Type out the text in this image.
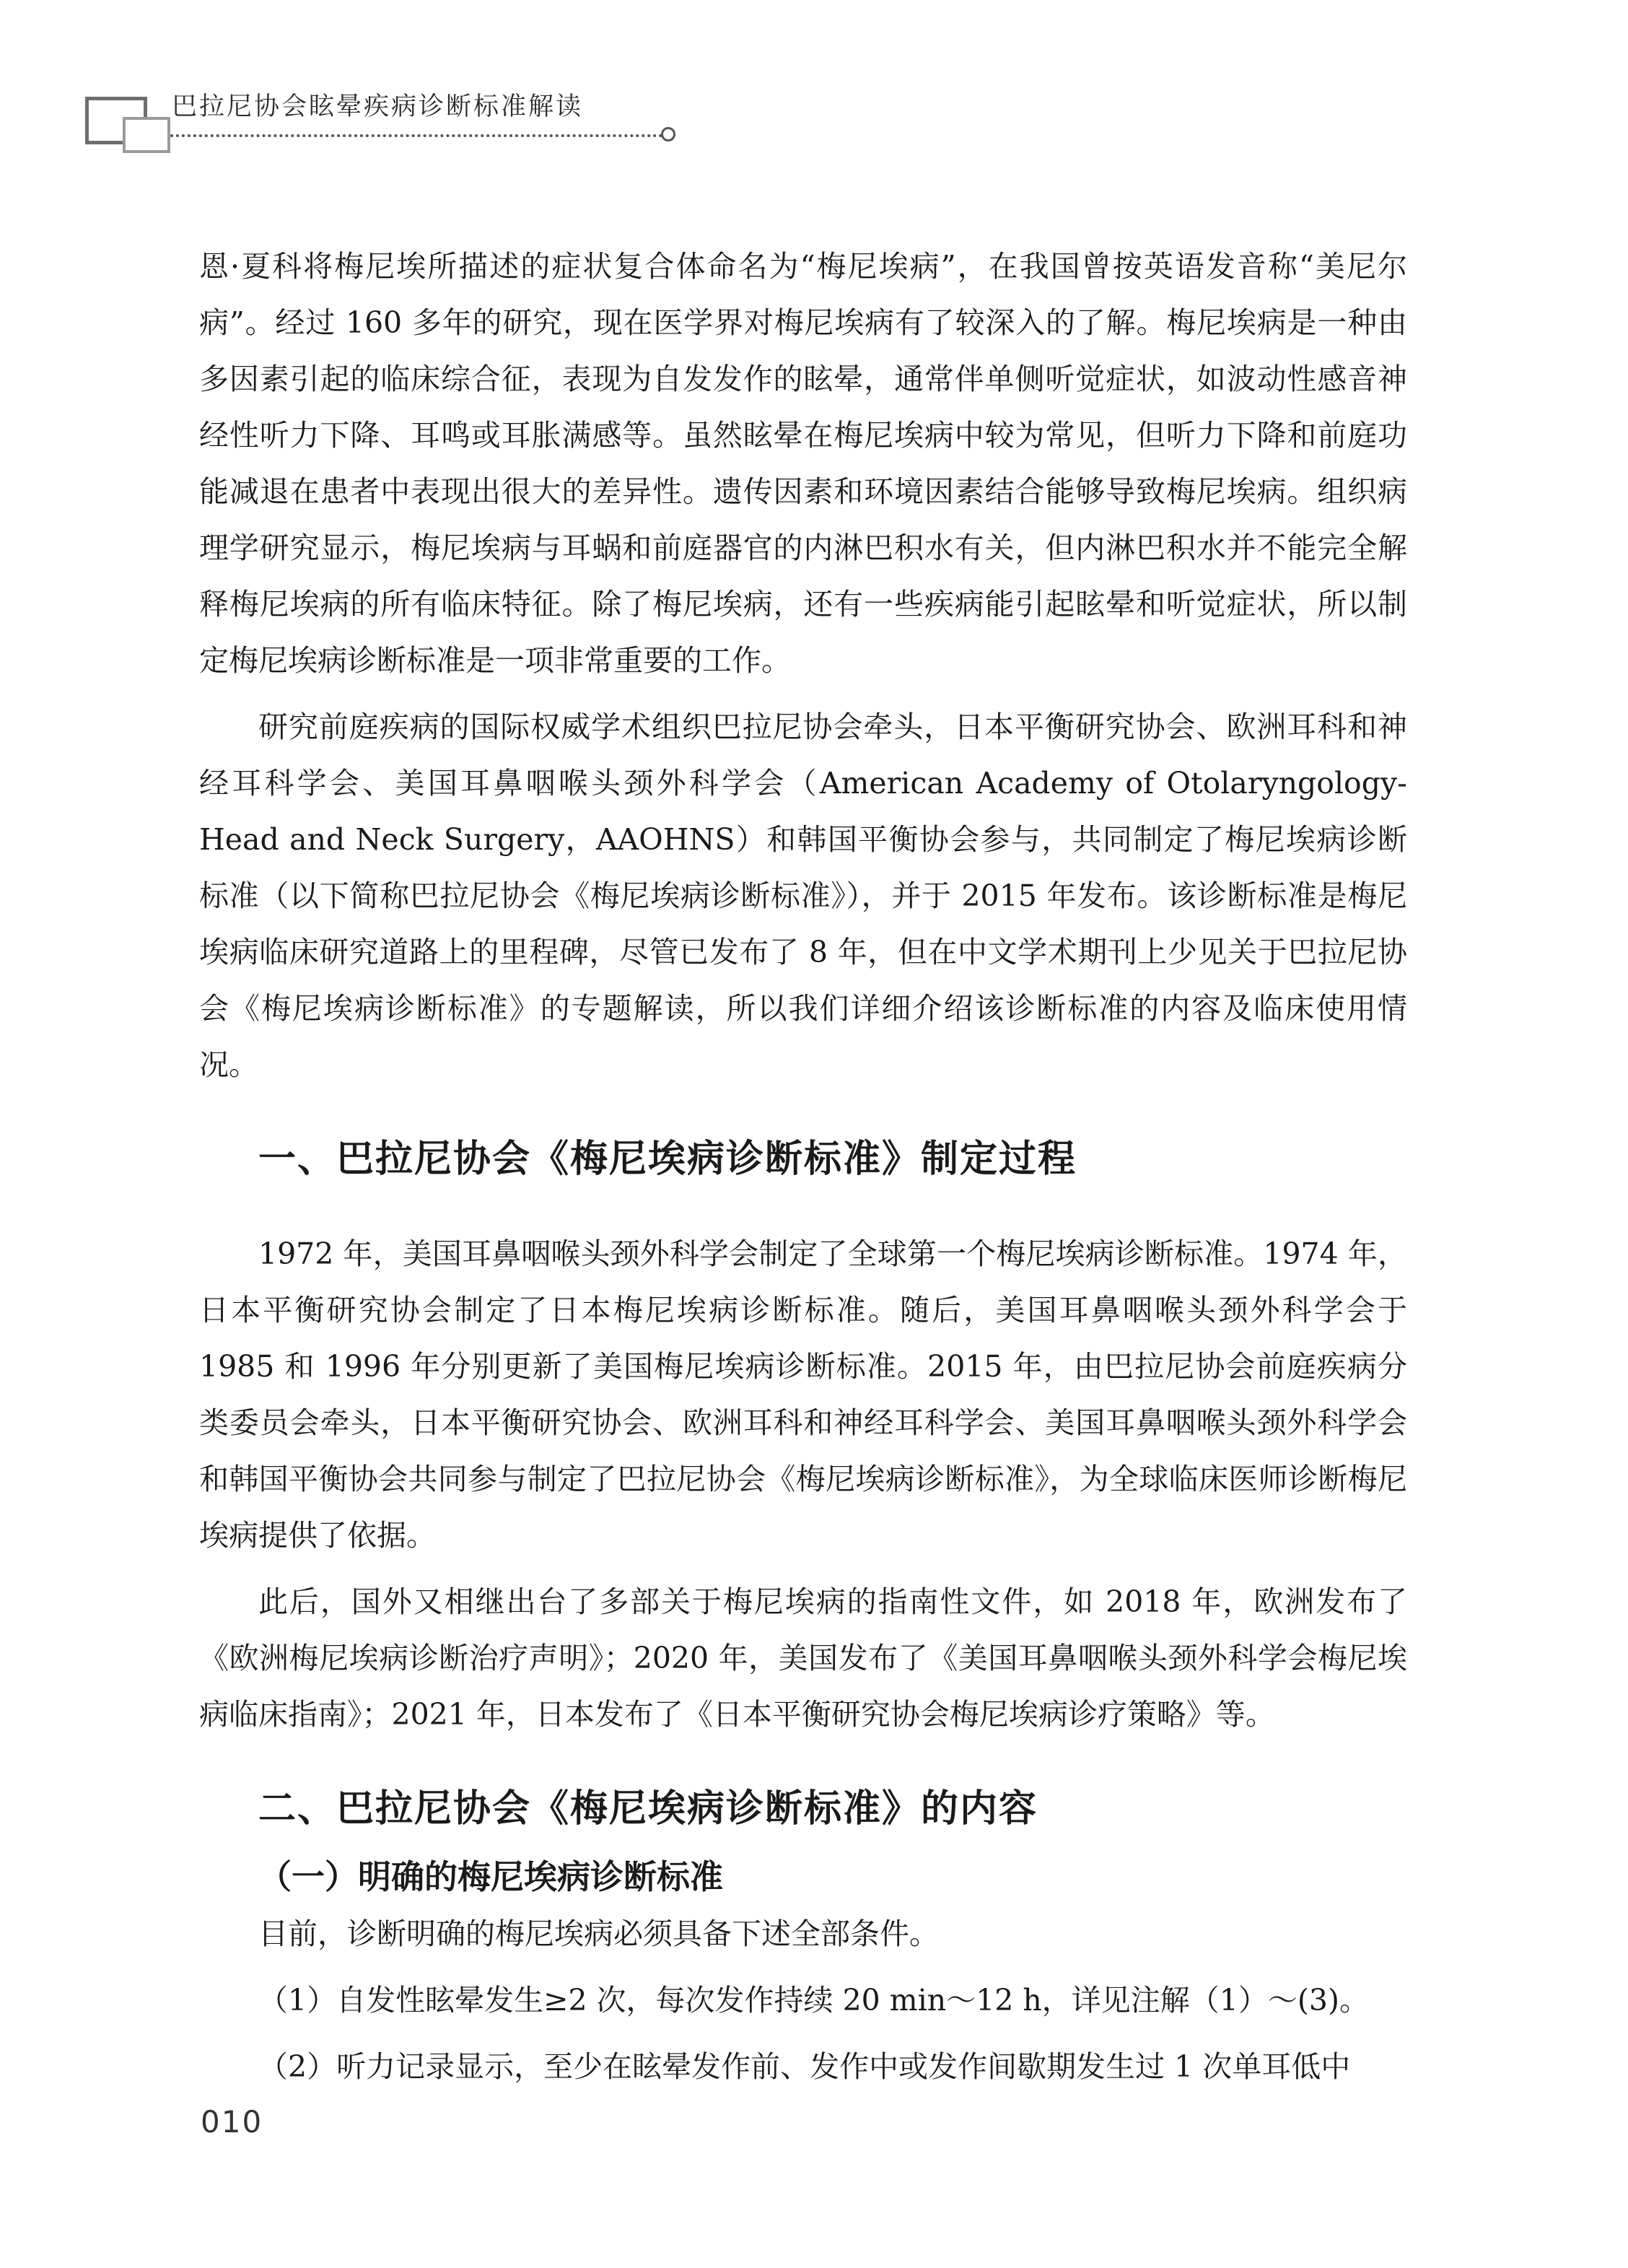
巴拉尼协会眩晕疾病诊断标准解读

恩·夏科将梅尼埃所描述的症状复合体命名为“梅尼埃病”，在我国曾按英语发音称“美尼尔病”。经过 160 多年的研究，现在医学界对梅尼埃病有了较深入的了解。梅尼埃病是一种由多因素引起的临床综合征，表现为自发发作的眩晕，通常伴单侧听觉症状，如波动性感音神经性听力下降、耳鸣或耳胀满感等。虽然眩晕在梅尼埃病中较为常见，但听力下降和前庭功能减退在患者中表现出很大的差异性。遗传因素和环境因素结合能够导致梅尼埃病。组织病理学研究显示，梅尼埃病与耳蜗和前庭器官的内淋巴积水有关，但内淋巴积水并不能完全解释梅尼埃病的所有临床特征。除了梅尼埃病，还有一些疾病能引起眩晕和听觉症状，所以制定梅尼埃病诊断标准是一项非常重要的工作。

研究前庭疾病的国际权威学术组织巴拉尼协会牵头，日本平衡研究协会、欧洲耳科和神经耳科学会、美国耳鼻咽喉头颈外科学会（American Academy of Otolaryngology-Head and Neck Surgery，AAOHNS）和韩国平衡协会参与，共同制定了梅尼埃病诊断标准（以下简称巴拉尼协会《梅尼埃病诊断标准》），并于 2015 年发布。该诊断标准是梅尼埃病临床研究道路上的里程碑，尽管已发布了 8 年，但在中文学术期刊上少见关于巴拉尼协会《梅尼埃病诊断标准》的专题解读，所以我们详细介绍该诊断标准的内容及临床使用情况。

一、巴拉尼协会《梅尼埃病诊断标准》制定过程

1972 年，美国耳鼻咽喉头颈外科学会制定了全球第一个梅尼埃病诊断标准。1974 年，日本平衡研究协会制定了日本梅尼埃病诊断标准。随后，美国耳鼻咽喉头颈外科学会于 1985 和 1996 年分别更新了美国梅尼埃病诊断标准。2015 年，由巴拉尼协会前庭疾病分类委员会牵头，日本平衡研究协会、欧洲耳科和神经耳科学会、美国耳鼻咽喉头颈外科学会和韩国平衡协会共同参与制定了巴拉尼协会《梅尼埃病诊断标准》，为全球临床医师诊断梅尼埃病提供了依据。

此后，国外又相继出台了多部关于梅尼埃病的指南性文件，如 2018 年，欧洲发布了《欧洲梅尼埃病诊断治疗声明》；2020 年，美国发布了《美国耳鼻咽喉头颈外科学会梅尼埃病临床指南》；2021 年，日本发布了《日本平衡研究协会梅尼埃病诊疗策略》等。

二、巴拉尼协会《梅尼埃病诊断标准》的内容
（一）明确的梅尼埃病诊断标准

目前，诊断明确的梅尼埃病必须具备下述全部条件。

（1）自发性眩晕发生≥2 次，每次发作持续 20 min～12 h，详见注解（1）～(3)。

（2）听力记录显示，至少在眩晕发作前、发作中或发作间歇期发生过 1 次单耳低中

010
